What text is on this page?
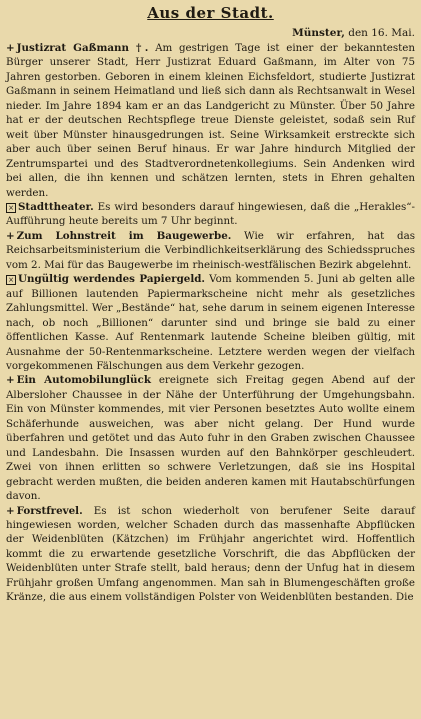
Aus der Stadt.
Münster, den 16. Mai.

+ Justizrat Gaßmann †. Am gestrigen Tage ist einer der bekanntesten Bürger unserer Stadt, Herr Justizrat Eduard Gaßmann, im Alter von 75 Jahren gestorben. Geboren in einem kleinen Eichsfeldort, studierte Justizrat Gaßmann in seinem Heimatland und ließ sich dann als Rechtsanwalt in Wesel nieder. Im Jahre 1894 kam er an das Landgericht zu Münster. Über 50 Jahre hat er der deutschen Rechtspflege treue Dienste geleistet, sodaß sein Ruf weit über Münster hinausgedrungen ist. Seine Wirksamkeit erstreckte sich aber auch über seinen Beruf hinaus. Er war Jahre hindurch Mitglied der Zentrumspartei und des Stadtverordnetenkollegiums. Sein Andenken wird bei allen, die ihn kennen und schätzen lernten, stets in Ehren gehalten werden.

× Stadttheater. Es wird besonders darauf hingewiesen, daß die „Herakles“-Aufführung heute bereits um 7 Uhr beginnt.

+ Zum Lohnstreit im Baugewerbe. Wie wir erfahren, hat das Reichsarbeitsministerium die Verbindlichkeitserklärung des Schiedsspruches vom 2. Mai für das Baugewerbe im rheinisch-westfälischen Bezirk abgelehnt.

× Ungültig werdendes Papiergeld. Vom kommenden 5. Juni ab gelten alle auf Billionen lautenden Papiermarkscheine nicht mehr als gesetzliches Zahlungsmittel. Wer „Bestände“ hat, sehe darum in seinem eigenen Interesse nach, ob noch „Billionen“ darunter sind und bringe sie bald zu einer öffentlichen Kasse. Auf Rentenmark lautende Scheine bleiben gültig, mit Ausnahme der 50-Rentenmarkscheine. Letztere werden wegen der vielfach vorgekommenen Fälschungen aus dem Verkehr gezogen.

+ Ein Automobilunglück ereignete sich Freitag gegen Abend auf der Albersloher Chaussee in der Nähe der Unterführung der Umgehungsbahn. Ein von Münster kommendes, mit vier Personen besetztes Auto wollte einem Schäferhunde ausweichen, was aber nicht gelang. Der Hund wurde überfahren und getötet und das Auto fuhr in den Graben zwischen Chaussee und Landesbahn. Die Insassen wurden auf den Bahnkörper geschleudert. Zwei von ihnen erlitten so schwere Verletzungen, daß sie ins Hospital gebracht werden mußten, die beiden anderen kamen mit Hautabschürfungen davon.

+ Forstfrevel. Es ist schon wiederholt von berufener Seite darauf hingewiesen worden, welcher Schaden durch das massenhafte Abpflücken der Weidenblüten (Kätzchen) im Frühjahr angerichtet wird. Hoffentlich kommt die zu erwartende gesetzliche Vorschrift, die das Abpflücken der Weidenblüten unter Strafe stellt, bald heraus; denn der Unfug hat in diesem Frühjahr großen Umfang angenommen. Man sah in Blumengeschäften große Kränze, die aus einem vollständigen Polster von Weidenblüten bestanden. Die
